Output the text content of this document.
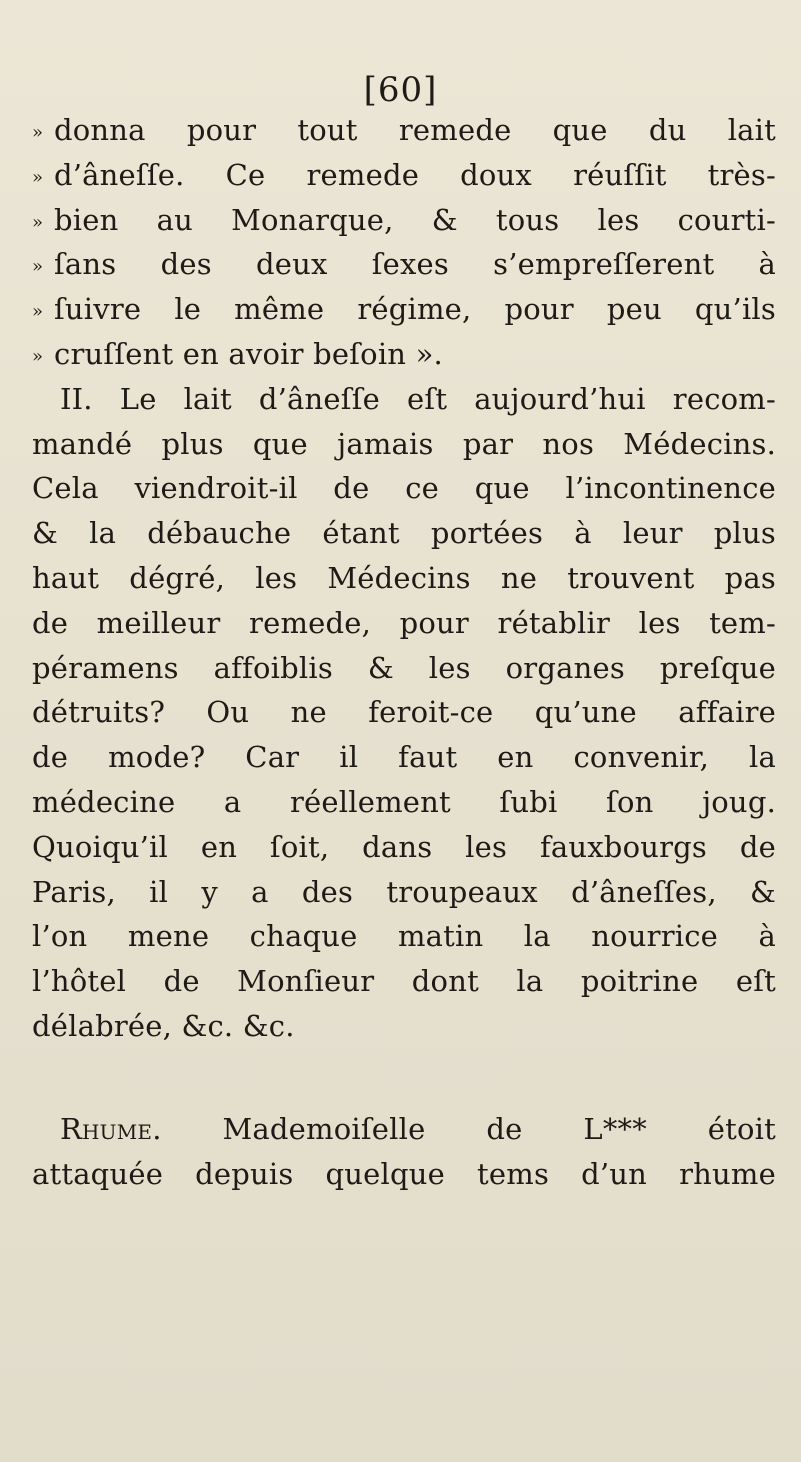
[60]
» donna pour tout remede que du lait
» d’âneſſe. Ce remede doux réuſſit très-
» bien au Monarque, & tous les courti-
» ſans des deux ſexes s’empreſſerent à
» ſuivre le même régime, pour peu qu’ils
» cruſſent en avoir beſoin ».
II. Le lait d’âneſſe eſt aujourd’hui recom-
mandé plus que jamais par nos Médecins.
Cela viendroit-il de ce que l’incontinence
& la débauche étant portées à leur plus
haut dégré, les Médecins ne trouvent pas
de meilleur remede, pour rétablir les tem-
péramens affoiblis & les organes preſque
détruits? Ou ne feroit-ce qu’une affaire
de mode? Car il faut en convenir, la
médecine a réellement ſubi ſon joug.
Quoiqu’il en ſoit, dans les fauxbourgs de
Paris, il y a des troupeaux d’âneſſes, &
l’on mene chaque matin la nourrice à
l’hôtel de Monſieur dont la poitrine eſt
délabrée, &c. &c.
Rhume. Mademoiſelle de L*** étoit
attaquée depuis quelque tems d’un rhume
